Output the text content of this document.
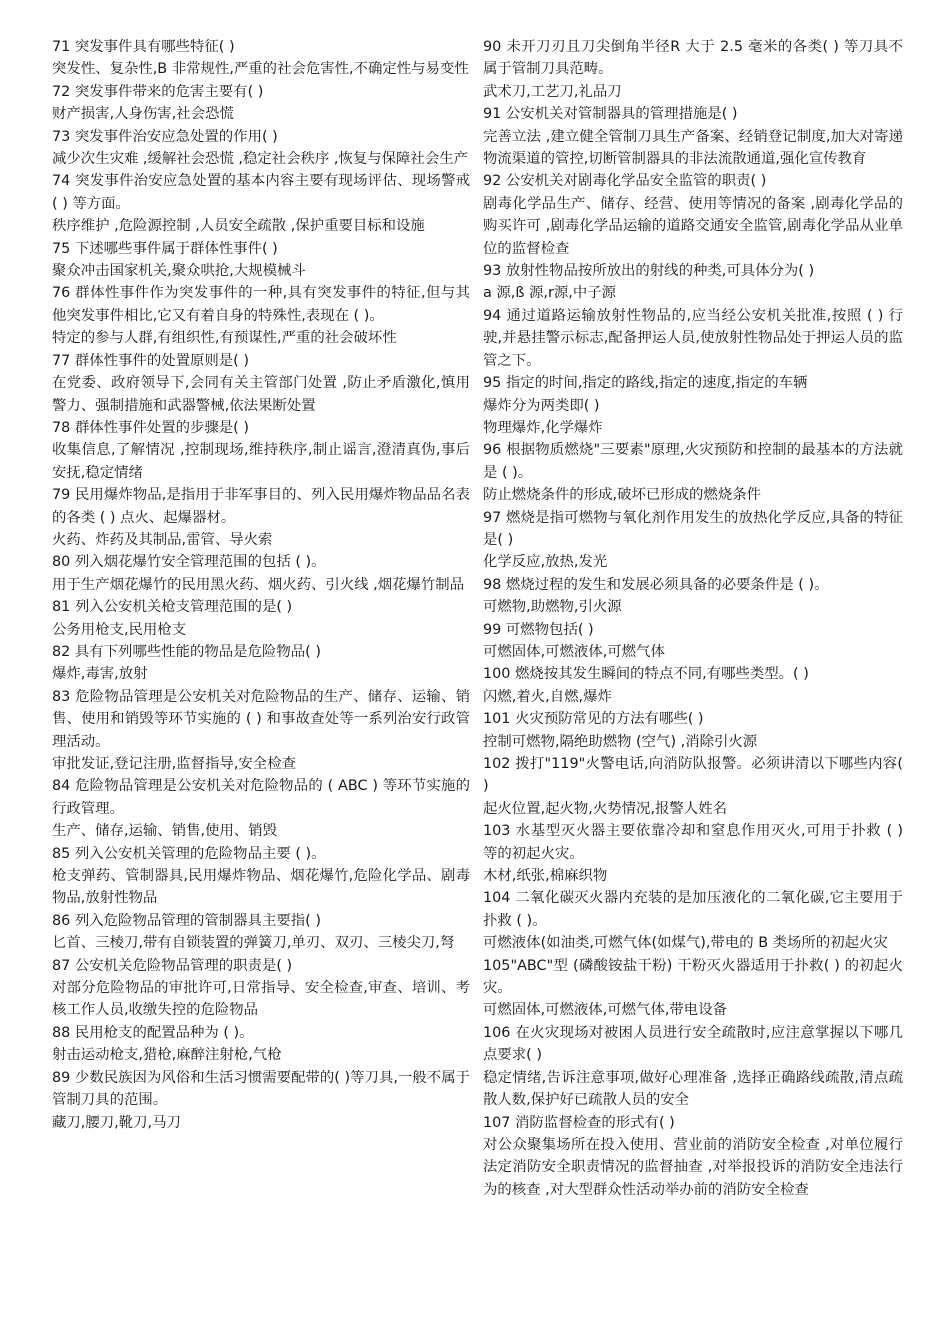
71 突发事件具有哪些特征( )

突发性、复杂性,B 非常规性,严重的社会危害性,不确定性与易变性

72 突发事件带来的危害主要有( )

财产损害,人身伤害,社会恐慌

73 突发事件治安应急处置的作用( )

减少次生灾难 ,缓解社会恐慌 ,稳定社会秩序 ,恢复与保障社会生产

74 突发事件治安应急处置的基本内容主要有现场评估、现场警戒 ( ) 等方面。

秩序维护 ,危险源控制 ,人员安全疏散 ,保护重要目标和设施

75 下述哪些事件属于群体性事件( )

聚众冲击国家机关,聚众哄抢,大规模械斗

76 群体性事件作为突发事件的一种,具有突发事件的特征,但与其他突发事件相比,它又有着自身的特殊性,表现在 ( )。

特定的参与人群,有组织性,有预谋性,严重的社会破坏性

77 群体性事件的处置原则是( )

在党委、政府领导下,会同有关主管部门处置 ,防止矛盾激化,慎用警力、强制措施和武器警械,依法果断处置

78 群体性事件处置的步骤是( )

收集信息,了解情况 ,控制现场,维持秩序,制止谣言,澄清真伪,事后安抚,稳定情绪

79 民用爆炸物品,是指用于非军事目的、列入民用爆炸物品品名表的各类 ( ) 点火、起爆器材。

火药、炸药及其制品,雷管、导火索

80 列入烟花爆竹安全管理范围的包括 ( )。

用于生产烟花爆竹的民用黑火药、烟火药、引火线 ,烟花爆竹制品

81 列入公安机关枪支管理范围的是( )

公务用枪支,民用枪支

82 具有下列哪些性能的物品是危险物品( )

爆炸,毒害,放射

83 危险物品管理是公安机关对危险物品的生产、储存、运输、销售、使用和销毁等环节实施的 ( ) 和事故查处等一系列治安行政管理活动。

审批发证,登记注册,监督指导,安全检查

84 危险物品管理是公安机关对危险物品的 ( ABC ) 等环节实施的行政管理。

生产、储存,运输、销售,使用、销毁

85 列入公安机关管理的危险物品主要 ( )。

枪支弹药、管制器具,民用爆炸物品、烟花爆竹,危险化学品、剧毒物品,放射性物品

86 列入危险物品管理的管制器具主要指( )

匕首、三棱刀,带有自锁装置的弹簧刀,单刃、双刃、三棱尖刀,弩

87 公安机关危险物品管理的职责是( )

对部分危险物品的审批许可,日常指导、安全检查,审查、培训、考核工作人员,收缴失控的危险物品

88 民用枪支的配置品种为 ( )。

射击运动枪支,猎枪,麻醉注射枪,气枪

89 少数民族因为风俗和生活习惯需要配带的( )等刀具,一般不属于管制刀具的范围。

藏刀,腰刀,靴刀,马刀

90 未开刀刃且刀尖倒角半径R 大于 2.5 毫米的各类( ) 等刀具不属于管制刀具范畴。

武术刀,工艺刀,礼品刀

91 公安机关对管制器具的管理措施是( )

完善立法 ,建立健全管制刀具生产备案、经销登记制度,加大对寄递物流渠道的管控,切断管制器具的非法流散通道,强化宣传教育

92 公安机关对剧毒化学品安全监管的职责( )

剧毒化学品生产、储存、经营、使用等情况的备案 ,剧毒化学品的购买许可 ,剧毒化学品运输的道路交通安全监管,剧毒化学品从业单位的监督检查

93 放射性物品按所放出的射线的种类,可具体分为( )

a 源,ß 源,r源,中子源

94 通过道路运输放射性物品的,应当经公安机关批准,按照 ( ) 行驶,并悬挂警示标志,配备押运人员,使放射性物品处于押运人员的监管之下。

95 指定的时间,指定的路线,指定的速度,指定的车辆

爆炸分为两类即( )

物理爆炸,化学爆炸

96 根据物质燃烧"三要素"原理,火灾预防和控制的最基本的方法就是 ( )。

防止燃烧条件的形成,破坏已形成的燃烧条件

97 燃烧是指可燃物与氧化剂作用发生的放热化学反应,具备的特征是( )

化学反应,放热,发光

98 燃烧过程的发生和发展必须具备的必要条件是 ( )。

可燃物,助燃物,引火源

99 可燃物包括( )

可燃固体,可燃液体,可燃气体

100 燃烧按其发生瞬间的特点不同,有哪些类型。( )

闪燃,着火,自燃,爆炸

101 火灾预防常见的方法有哪些( )

控制可燃物,隔绝助燃物 (空气) ,消除引火源

102 拨打"119"火警电话,向消防队报警。必须讲清以下哪些内容( )

起火位置,起火物,火势情况,报警人姓名

103 水基型灭火器主要依靠冷却和窒息作用灭火,可用于扑救 ( ) 等的初起火灾。

木材,纸张,棉麻织物

104 二氧化碳灭火器内充装的是加压液化的二氧化碳,它主要用于扑救 ( )。

可燃液体(如油类,可燃气体(如煤气),带电的 B 类场所的初起火灾

105"ABC"型 (磷酸铵盐干粉) 干粉灭火器适用于扑救( ) 的初起火灾。

可燃固体,可燃液体,可燃气体,带电设备

106 在火灾现场对被困人员进行安全疏散时,应注意掌握以下哪几点要求( )

稳定情绪,告诉注意事项,做好心理准备 ,选择正确路线疏散,清点疏散人数,保护好已疏散人员的安全

107 消防监督检查的形式有( )

对公众聚集场所在投入使用、营业前的消防安全检查 ,对单位履行法定消防安全职责情况的监督抽查 ,对举报投诉的消防安全违法行为的核查 ,对大型群众性活动举办前的消防安全检查
